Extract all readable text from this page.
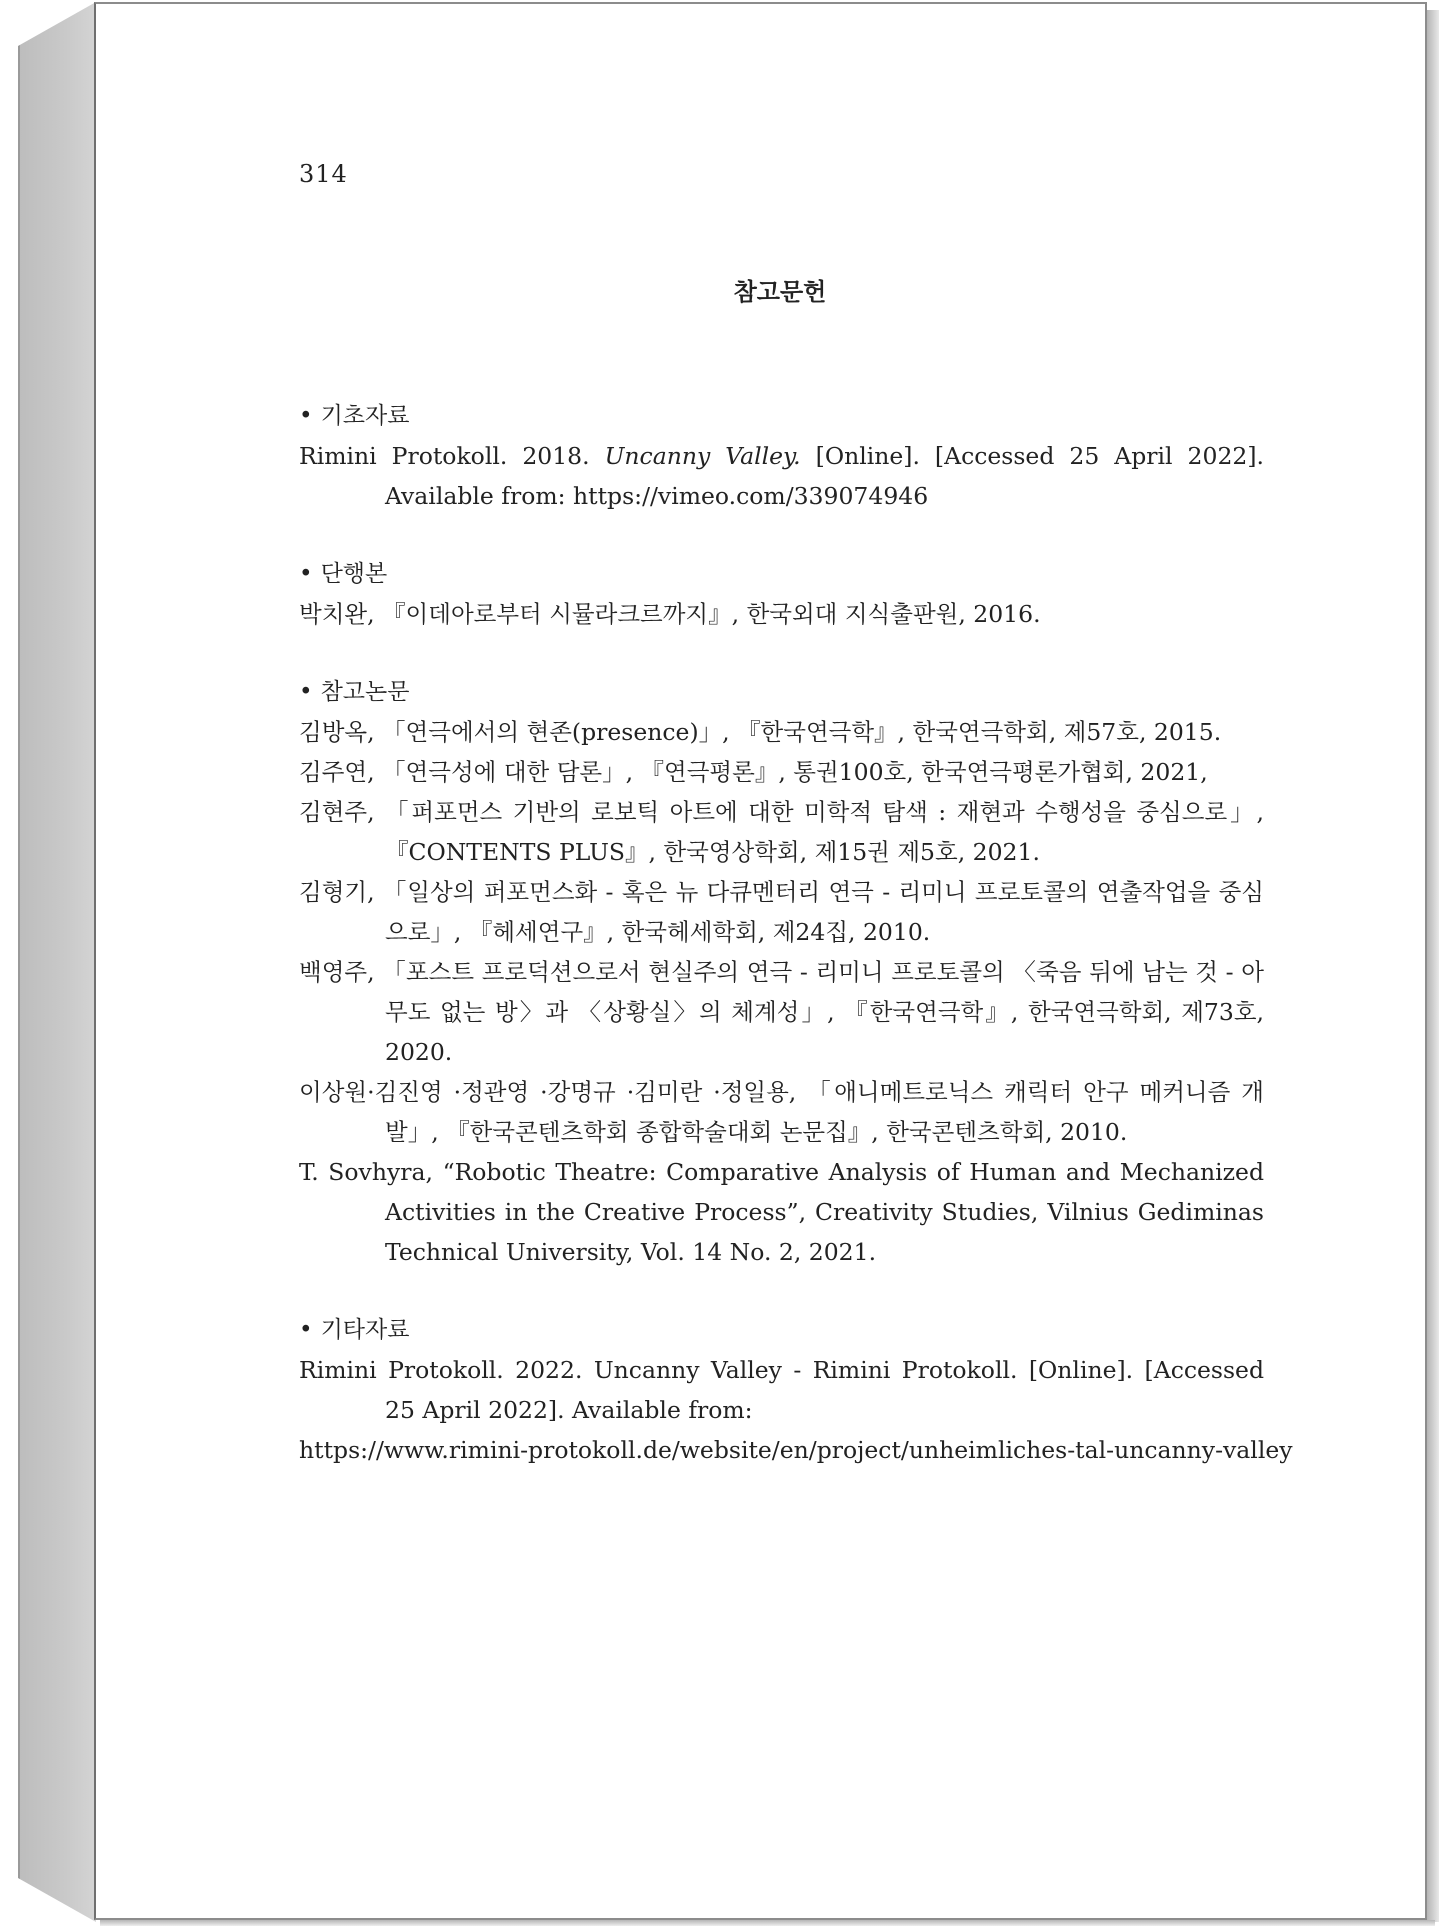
314
참고문헌

• 기초자료

Rimini Protokoll. 2018. Uncanny Valley. [Online]. [Accessed 25 April 2022]. Available from: https://vimeo.com/339074946

• 단행본

박치완, 『이데아로부터 시뮬라크르까지』, 한국외대 지식출판원, 2016.

• 참고논문

김방옥, 「연극에서의 현존(presence)」, 『한국연극학』, 한국연극학회, 제57호, 2015.

김주연, 「연극성에 대한 담론」, 『연극평론』, 통권100호, 한국연극평론가협회, 2021,

김현주, 「퍼포먼스 기반의 로보틱 아트에 대한 미학적 탐색 : 재현과 수행성을 중심으로」, 『CONTENTS PLUS』, 한국영상학회, 제15권 제5호, 2021.

김형기, 「일상의 퍼포먼스화 - 혹은 뉴 다큐멘터리 연극 - 리미니 프로토콜의 연출작업을 중심으로」, 『헤세연구』, 한국헤세학회, 제24집, 2010.

백영주, 「포스트 프로덕션으로서 현실주의 연극 - 리미니 프로토콜의 〈죽음 뒤에 남는 것 - 아무도 없는 방〉과 〈상황실〉의 체계성」, 『한국연극학』, 한국연극학회, 제73호, 2020.

이상원·김진영 ·정관영 ·강명규 ·김미란 ·정일용, 「애니메트로닉스 캐릭터 안구 메커니즘 개발」, 『한국콘텐츠학회 종합학술대회 논문집』, 한국콘텐츠학회, 2010.

T. Sovhyra, “Robotic Theatre: Comparative Analysis of Human and Mechanized Activities in the Creative Process”, Creativity Studies, Vilnius Gediminas Technical University, Vol. 14 No. 2, 2021.

• 기타자료

Rimini Protokoll. 2022. Uncanny Valley - Rimini Protokoll. [Online]. [Accessed 25 April 2022]. Available from:

https://www.rimini-protokoll.de/website/en/project/unheimliches-tal-uncanny-valley
